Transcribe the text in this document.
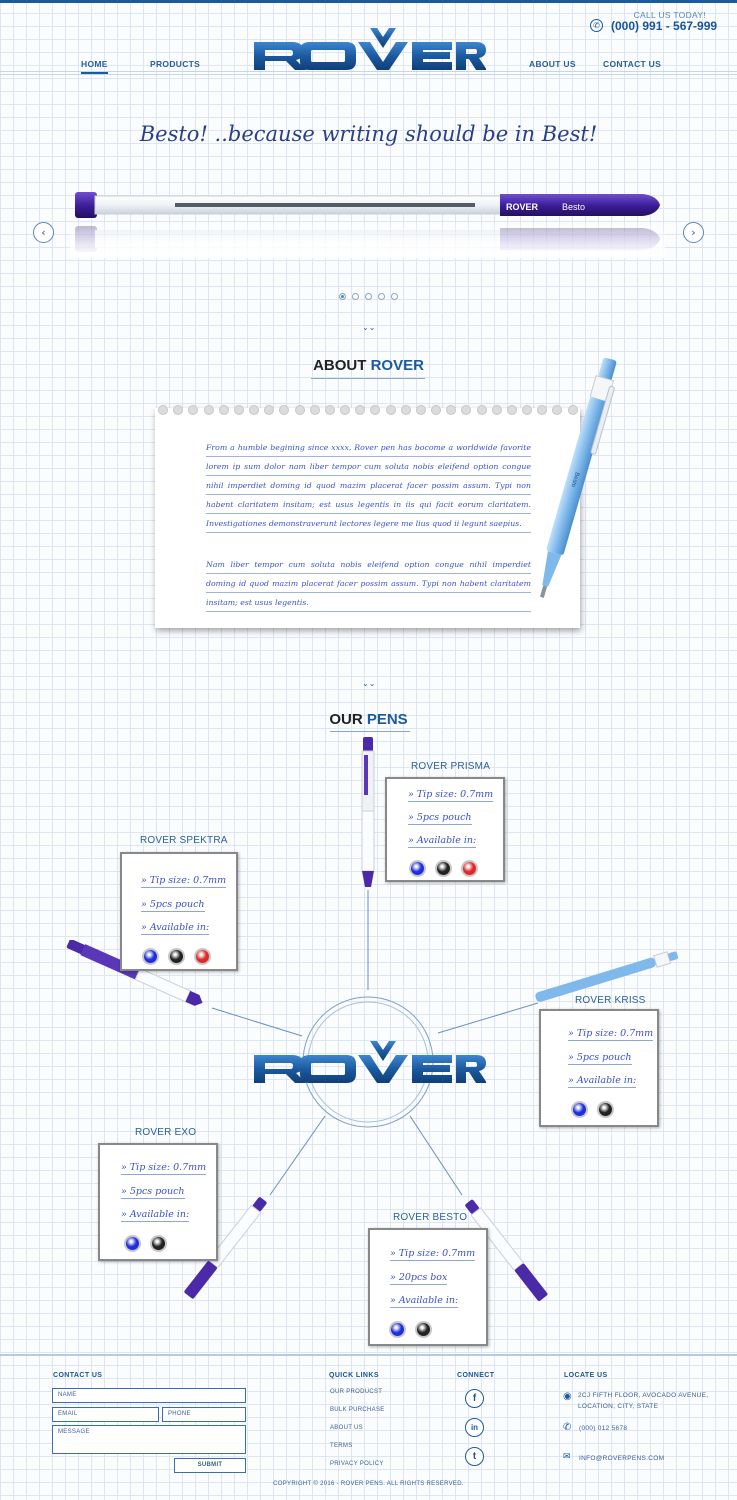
CALL US TODAY!
✆ (000) 991 - 567-999
HOME	PRODUCTS	ABOUT US	CONTACT US
Besto! ..because writing should be in Best!
‹	›
ROVER	Besto
⌄⌄
ABOUT ROVER
From a humble begining since xxxx, Rover pen has bocome a worldwide favorite lorem ip sum dolor nam liber tempor cum soluta nobis eleifend option congue nihil imperdiet doming id quod mazim placerat facer possim assum. Typi non habent claritatem insitam; est usus legentis in iis qui facit eorum claritatem. Investigationes demonstraverunt lectores legere me lius quod ii legunt saepius.
Nam liber tempor cum soluta nobis eleifend option congue nihil imperdiet doming id quod mazim placerat facer possim assum. Typi non habent claritatem insitam; est usus legentis.
Besto
⌄⌄
OUR PENS
ROVER PRISMA
» Tip size: 0.7mm
» 5pcs pouch
» Available in:
ROVER SPEKTRA
» Tip size: 0.7mm
» 5pcs pouch
» Available in:
ROVER KRISS
» Tip size: 0.7mm
» 5pcs pouch
» Available in:
ROVER EXO
» Tip size: 0.7mm
» 5pcs pouch
» Available in:	ROVER BESTO
» Tip size: 0.7mm
» 20pcs box
» Available in:
CONTACT US
NAME
EMAIL	PHONE
MESSAGE
SUBMIT
QUICK LINKS
OUR PRODUCST
BULK PURCHASE
ABOUT US
TERMS
PRIVACY POLICY
CONNECT
f
in
t
LOCATE US
◉ 2CJ FIFTH FLOOR, AVOCADO AVENUE,
LOCATION, CITY, STATE
✆ (000) 012 5678
✉ INFO@ROVERPENS.COM
COPYRIGHT © 2016 - ROVER PENS. ALL RIGHTS RESERVED.
